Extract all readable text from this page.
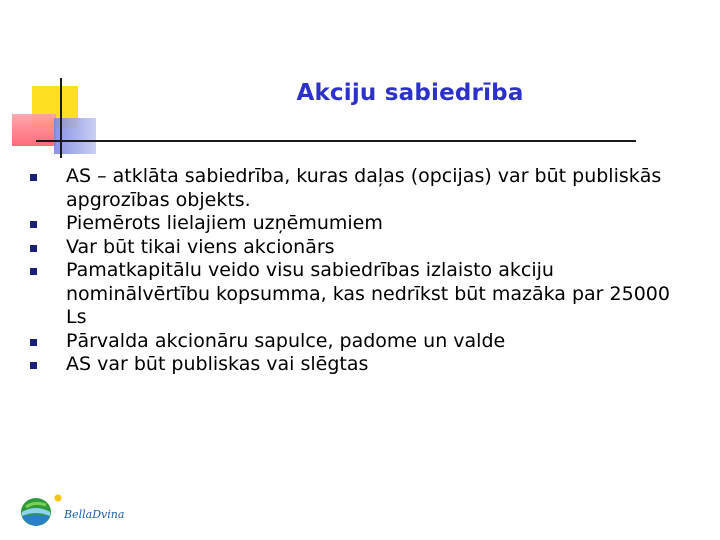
Akciju sabiedrība
AS – atklāta sabiedrība, kuras daļas (opcijas) var būt publiskās apgrozības objekts.
Piemērots lielajiem uzņēmumiem
Var būt tikai viens akcionārs
Pamatkapitālu veido visu sabiedrības izlaisto akciju nominālvērtību kopsumma, kas nedrīkst būt mazāka par 25000 Ls
Pārvalda akcionāru sapulce, padome un valde
AS var būt publiskas vai slēgtas
BellaDvina
